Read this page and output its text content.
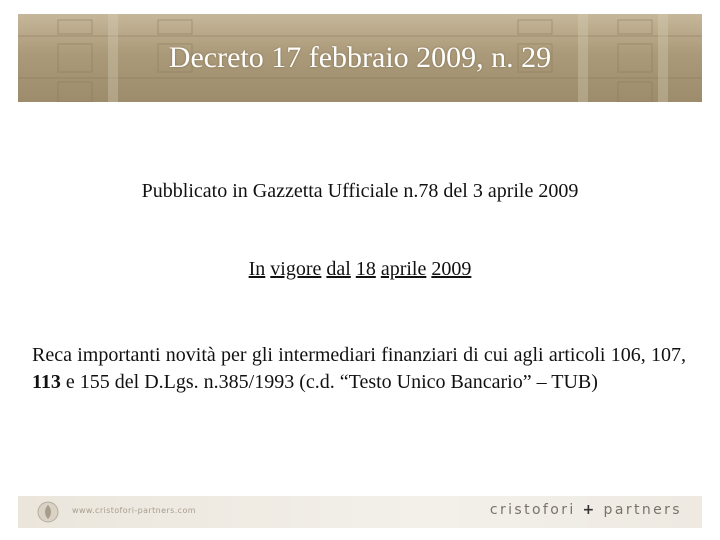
Decreto 17 febbraio 2009, n. 29
Pubblicato in Gazzetta Ufficiale n.78 del 3 aprile 2009
In vigore dal 18 aprile 2009
Reca importanti novità per gli intermediari finanziari di cui agli articoli 106, 107, 113 e 155 del D.Lgs. n.385/1993 (c.d. “Testo Unico Bancario” – TUB)
www.cristofori-partners.com	cristofori + partners
